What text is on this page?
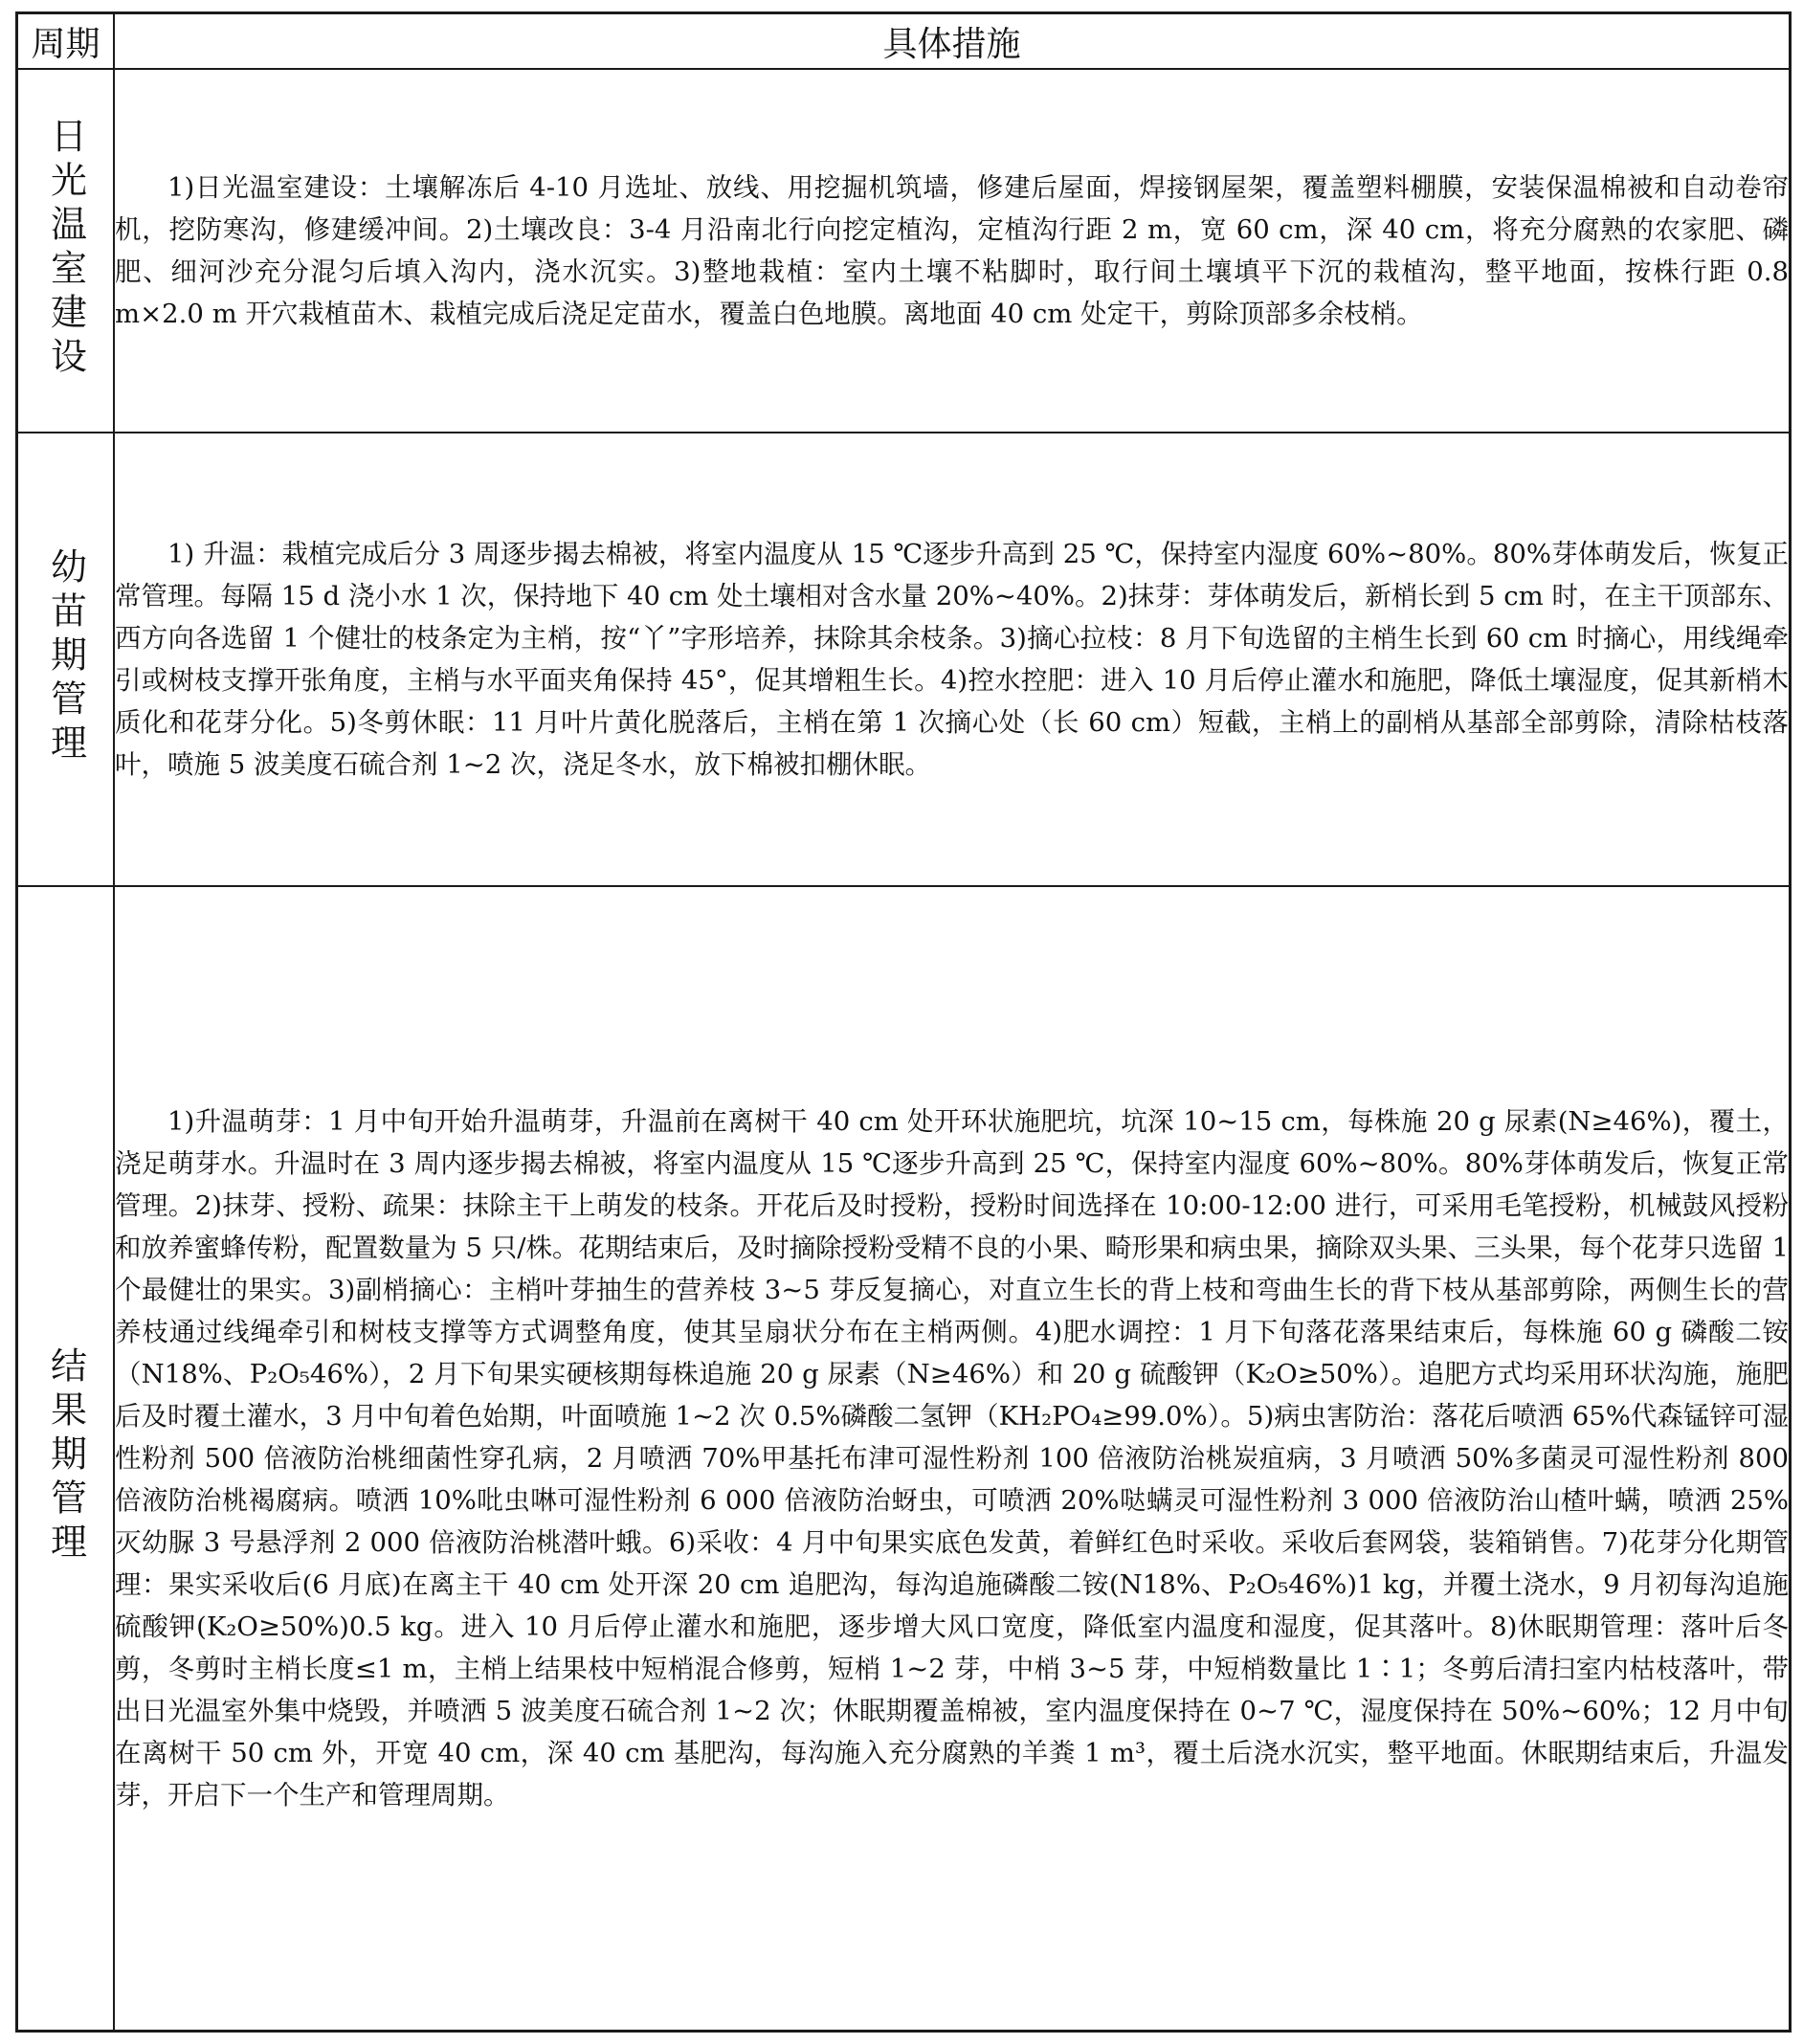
周期	具体措施
日光温室建设	1)日光温室建设：土壤解冻后 4-10 月选址、放线、用挖掘机筑墙，修建后屋面，焊接钢屋架，覆盖塑料棚膜，安装保温棉被和自动卷帘机，挖防寒沟，修建缓冲间。2)土壤改良：3-4 月沿南北行向挖定植沟，定植沟行距 2 m，宽 60 cm，深 40 cm，将充分腐熟的农家肥、磷肥、细河沙充分混匀后填入沟内，浇水沉实。3)整地栽植：室内土壤不粘脚时，取行间土壤填平下沉的栽植沟，整平地面，按株行距 0.8 m×2.0 m 开穴栽植苗木、栽植完成后浇足定苗水，覆盖白色地膜。离地面 40 cm 处定干，剪除顶部多余枝梢。
幼苗期管理	1) 升温：栽植完成后分 3 周逐步揭去棉被，将室内温度从 15 ℃逐步升高到 25 ℃，保持室内湿度 60%~80%。80%芽体萌发后，恢复正常管理。每隔 15 d 浇小水 1 次，保持地下 40 cm 处土壤相对含水量 20%~40%。2)抹芽：芽体萌发后，新梢长到 5 cm 时，在主干顶部东、西方向各选留 1 个健壮的枝条定为主梢，按“丫”字形培养，抹除其余枝条。3)摘心拉枝：8 月下旬选留的主梢生长到 60 cm 时摘心，用线绳牵引或树枝支撑开张角度，主梢与水平面夹角保持 45°，促其增粗生长。4)控水控肥：进入 10 月后停止灌水和施肥，降低土壤湿度，促其新梢木质化和花芽分化。5)冬剪休眠：11 月叶片黄化脱落后，主梢在第 1 次摘心处（长 60 cm）短截，主梢上的副梢从基部全部剪除，清除枯枝落叶，喷施 5 波美度石硫合剂 1~2 次，浇足冬水，放下棉被扣棚休眠。
结果期管理	1)升温萌芽：1 月中旬开始升温萌芽，升温前在离树干 40 cm 处开环状施肥坑，坑深 10~15 cm，每株施 20 g 尿素(N≥46%)，覆土，浇足萌芽水。升温时在 3 周内逐步揭去棉被，将室内温度从 15 ℃逐步升高到 25 ℃，保持室内湿度 60%~80%。80%芽体萌发后，恢复正常管理。2)抹芽、授粉、疏果：抹除主干上萌发的枝条。开花后及时授粉，授粉时间选择在 10:00-12:00 进行，可采用毛笔授粉，机械鼓风授粉和放养蜜蜂传粉，配置数量为 5 只/株。花期结束后，及时摘除授粉受精不良的小果、畸形果和病虫果，摘除双头果、三头果，每个花芽只选留 1 个最健壮的果实。3)副梢摘心：主梢叶芽抽生的营养枝 3~5 芽反复摘心，对直立生长的背上枝和弯曲生长的背下枝从基部剪除，两侧生长的营养枝通过线绳牵引和树枝支撑等方式调整角度，使其呈扇状分布在主梢两侧。4)肥水调控：1 月下旬落花落果结束后，每株施 60 g 磷酸二铵（N18%、P₂O₅46%），2 月下旬果实硬核期每株追施 20 g 尿素（N≥46%）和 20 g 硫酸钾（K₂O≥50%）。追肥方式均采用环状沟施，施肥后及时覆土灌水，3 月中旬着色始期，叶面喷施 1~2 次 0.5%磷酸二氢钾（KH₂PO₄≥99.0%）。5)病虫害防治：落花后喷洒 65%代森锰锌可湿性粉剂 500 倍液防治桃细菌性穿孔病，2 月喷洒 70%甲基托布津可湿性粉剂 100 倍液防治桃炭疽病，3 月喷洒 50%多菌灵可湿性粉剂 800 倍液防治桃褐腐病。喷洒 10%吡虫啉可湿性粉剂 6 000 倍液防治蚜虫，可喷洒 20%哒螨灵可湿性粉剂 3 000 倍液防治山楂叶螨，喷洒 25%灭幼脲 3 号悬浮剂 2 000 倍液防治桃潜叶蛾。6)采收：4 月中旬果实底色发黄，着鲜红色时采收。采收后套网袋，装箱销售。7)花芽分化期管理：果实采收后(6 月底)在离主干 40 cm 处开深 20 cm 追肥沟，每沟追施磷酸二铵(N18%、P₂O₅46%)1 kg，并覆土浇水，9 月初每沟追施硫酸钾(K₂O≥50%)0.5 kg。进入 10 月后停止灌水和施肥，逐步增大风口宽度，降低室内温度和湿度，促其落叶。8)休眠期管理：落叶后冬剪，冬剪时主梢长度≤1 m，主梢上结果枝中短梢混合修剪，短梢 1~2 芽，中梢 3~5 芽，中短梢数量比 1∶1；冬剪后清扫室内枯枝落叶，带出日光温室外集中烧毁，并喷洒 5 波美度石硫合剂 1~2 次；休眠期覆盖棉被，室内温度保持在 0~7 ℃，湿度保持在 50%~60%；12 月中旬在离树干 50 cm 外，开宽 40 cm，深 40 cm 基肥沟，每沟施入充分腐熟的羊粪 1 m³，覆土后浇水沉实，整平地面。休眠期结束后，升温发芽，开启下一个生产和管理周期。
